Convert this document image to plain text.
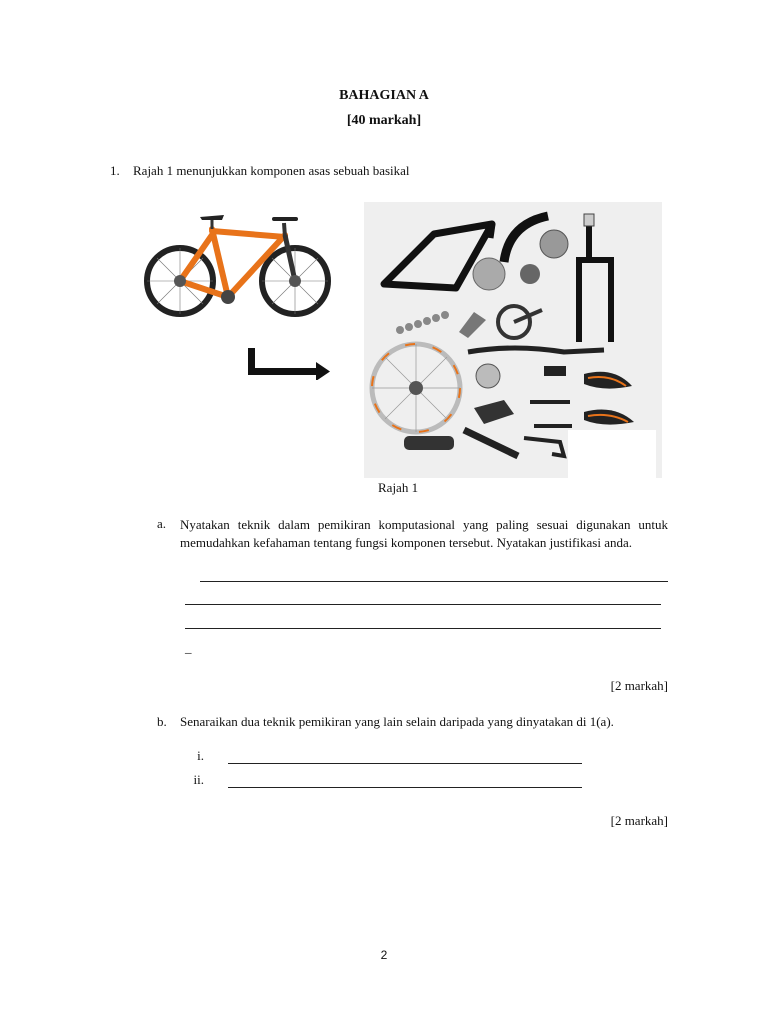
BAHAGIAN A
[40 markah]
1. Rajah 1 menunjukkan komponen asas sebuah basikal
Rajah 1
a. Nyatakan teknik dalam pemikiran komputasional yang paling sesuai digunakan untuk memudahkan kefahaman tentang fungsi komponen tersebut. Nyatakan justifikasi anda.
_
[2 markah]
b. Senaraikan dua teknik pemikiran yang lain selain daripada yang dinyatakan di 1(a).
i.
ii.
[2 markah]
2
